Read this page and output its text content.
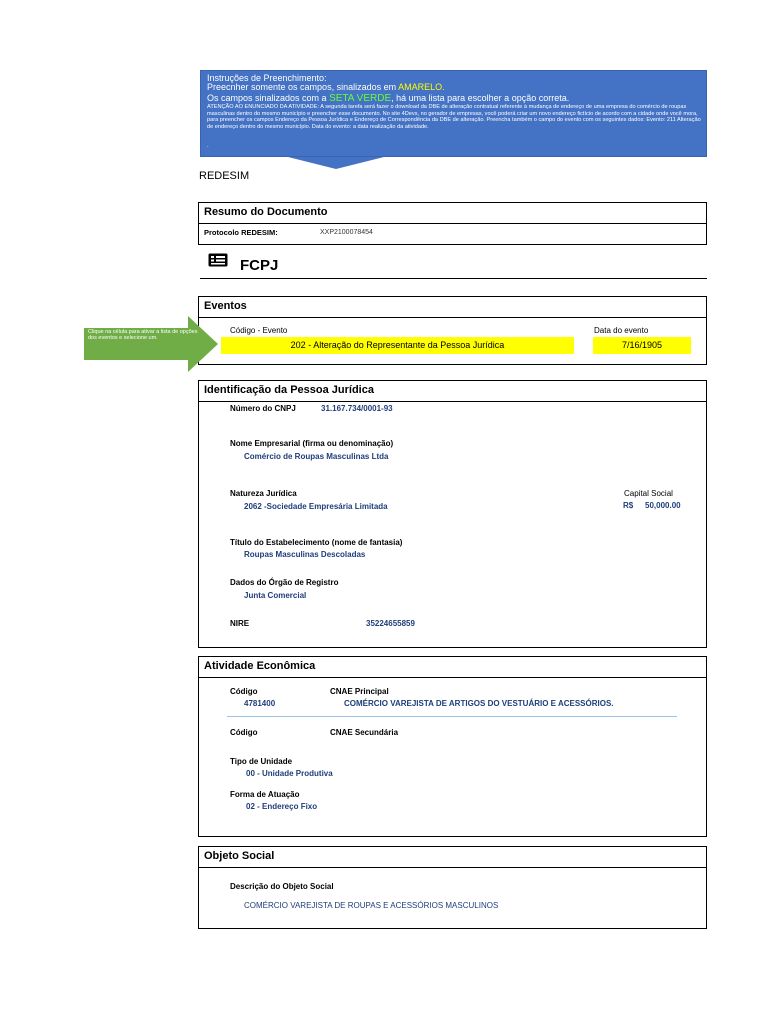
Instruções de Preenchimento:
Preecnher somente os campos, sinalizados em AMARELO.
Os campos sinalizados com a SETA VERDE, há uma lista para escolher a opção correta.
ATENÇÃO AO ENUNCIADO DA ATIVIDADE: A segunda tarefa será fazer o download da DBE de alteração contratual referente à mudança de endereço de uma empresa do comércio de roupas masculinas dentro do mesmo município e preencher esse documento. No site 4Devs, no gerador de empresas, você poderá criar um novo endereço fictício de acordo com a cidade onde você mora, para preencher os campos Endereço da Pessoa Jurídica e Endereço de Correspondência da DBE de alteração. Preencha também o campo do evento com os seguintes dados: Evento: 211 Alteração de endereço dentro do mesmo município. Data do evento: a data realização da atividade.
.
REDESIM
Resumo do Documento
Protocolo REDESIM:	XXP2100078454
FCPJ
Eventos
Código - Evento
202 - Alteração do Representante da Pessoa Jurídica
Data do evento
7/16/1905
Clique na célula para ativar a lista de opções dos eventos e selecione um.
Identificação da Pessoa Jurídica
Número do CNPJ	31.167.734/0001-93
Nome Empresarial (firma ou denominação)
Comércio de Roupas Masculinas Ltda
Natureza Jurídica
2062 -Sociedade Empresária Limitada
Capital Social
R$ 50,000.00
Título do Estabelecimento (nome de fantasia)
Roupas Masculinas Descoladas
Dados do Órgão de Registro
Junta Comercial
NIRE	35224655859
Atividade Econômica
Código	CNAE Principal
4781400	COMÉRCIO VAREJISTA DE ARTIGOS DO VESTUÁRIO E ACESSÓRIOS.
Código	CNAE Secundária
Tipo de Unidade
00 - Unidade Produtiva
Forma de Atuação
02 - Endereço Fixo
Objeto Social
Descrição do Objeto Social
COMÉRCIO VAREJISTA DE ROUPAS E ACESSÓRIOS MASCULINOS
